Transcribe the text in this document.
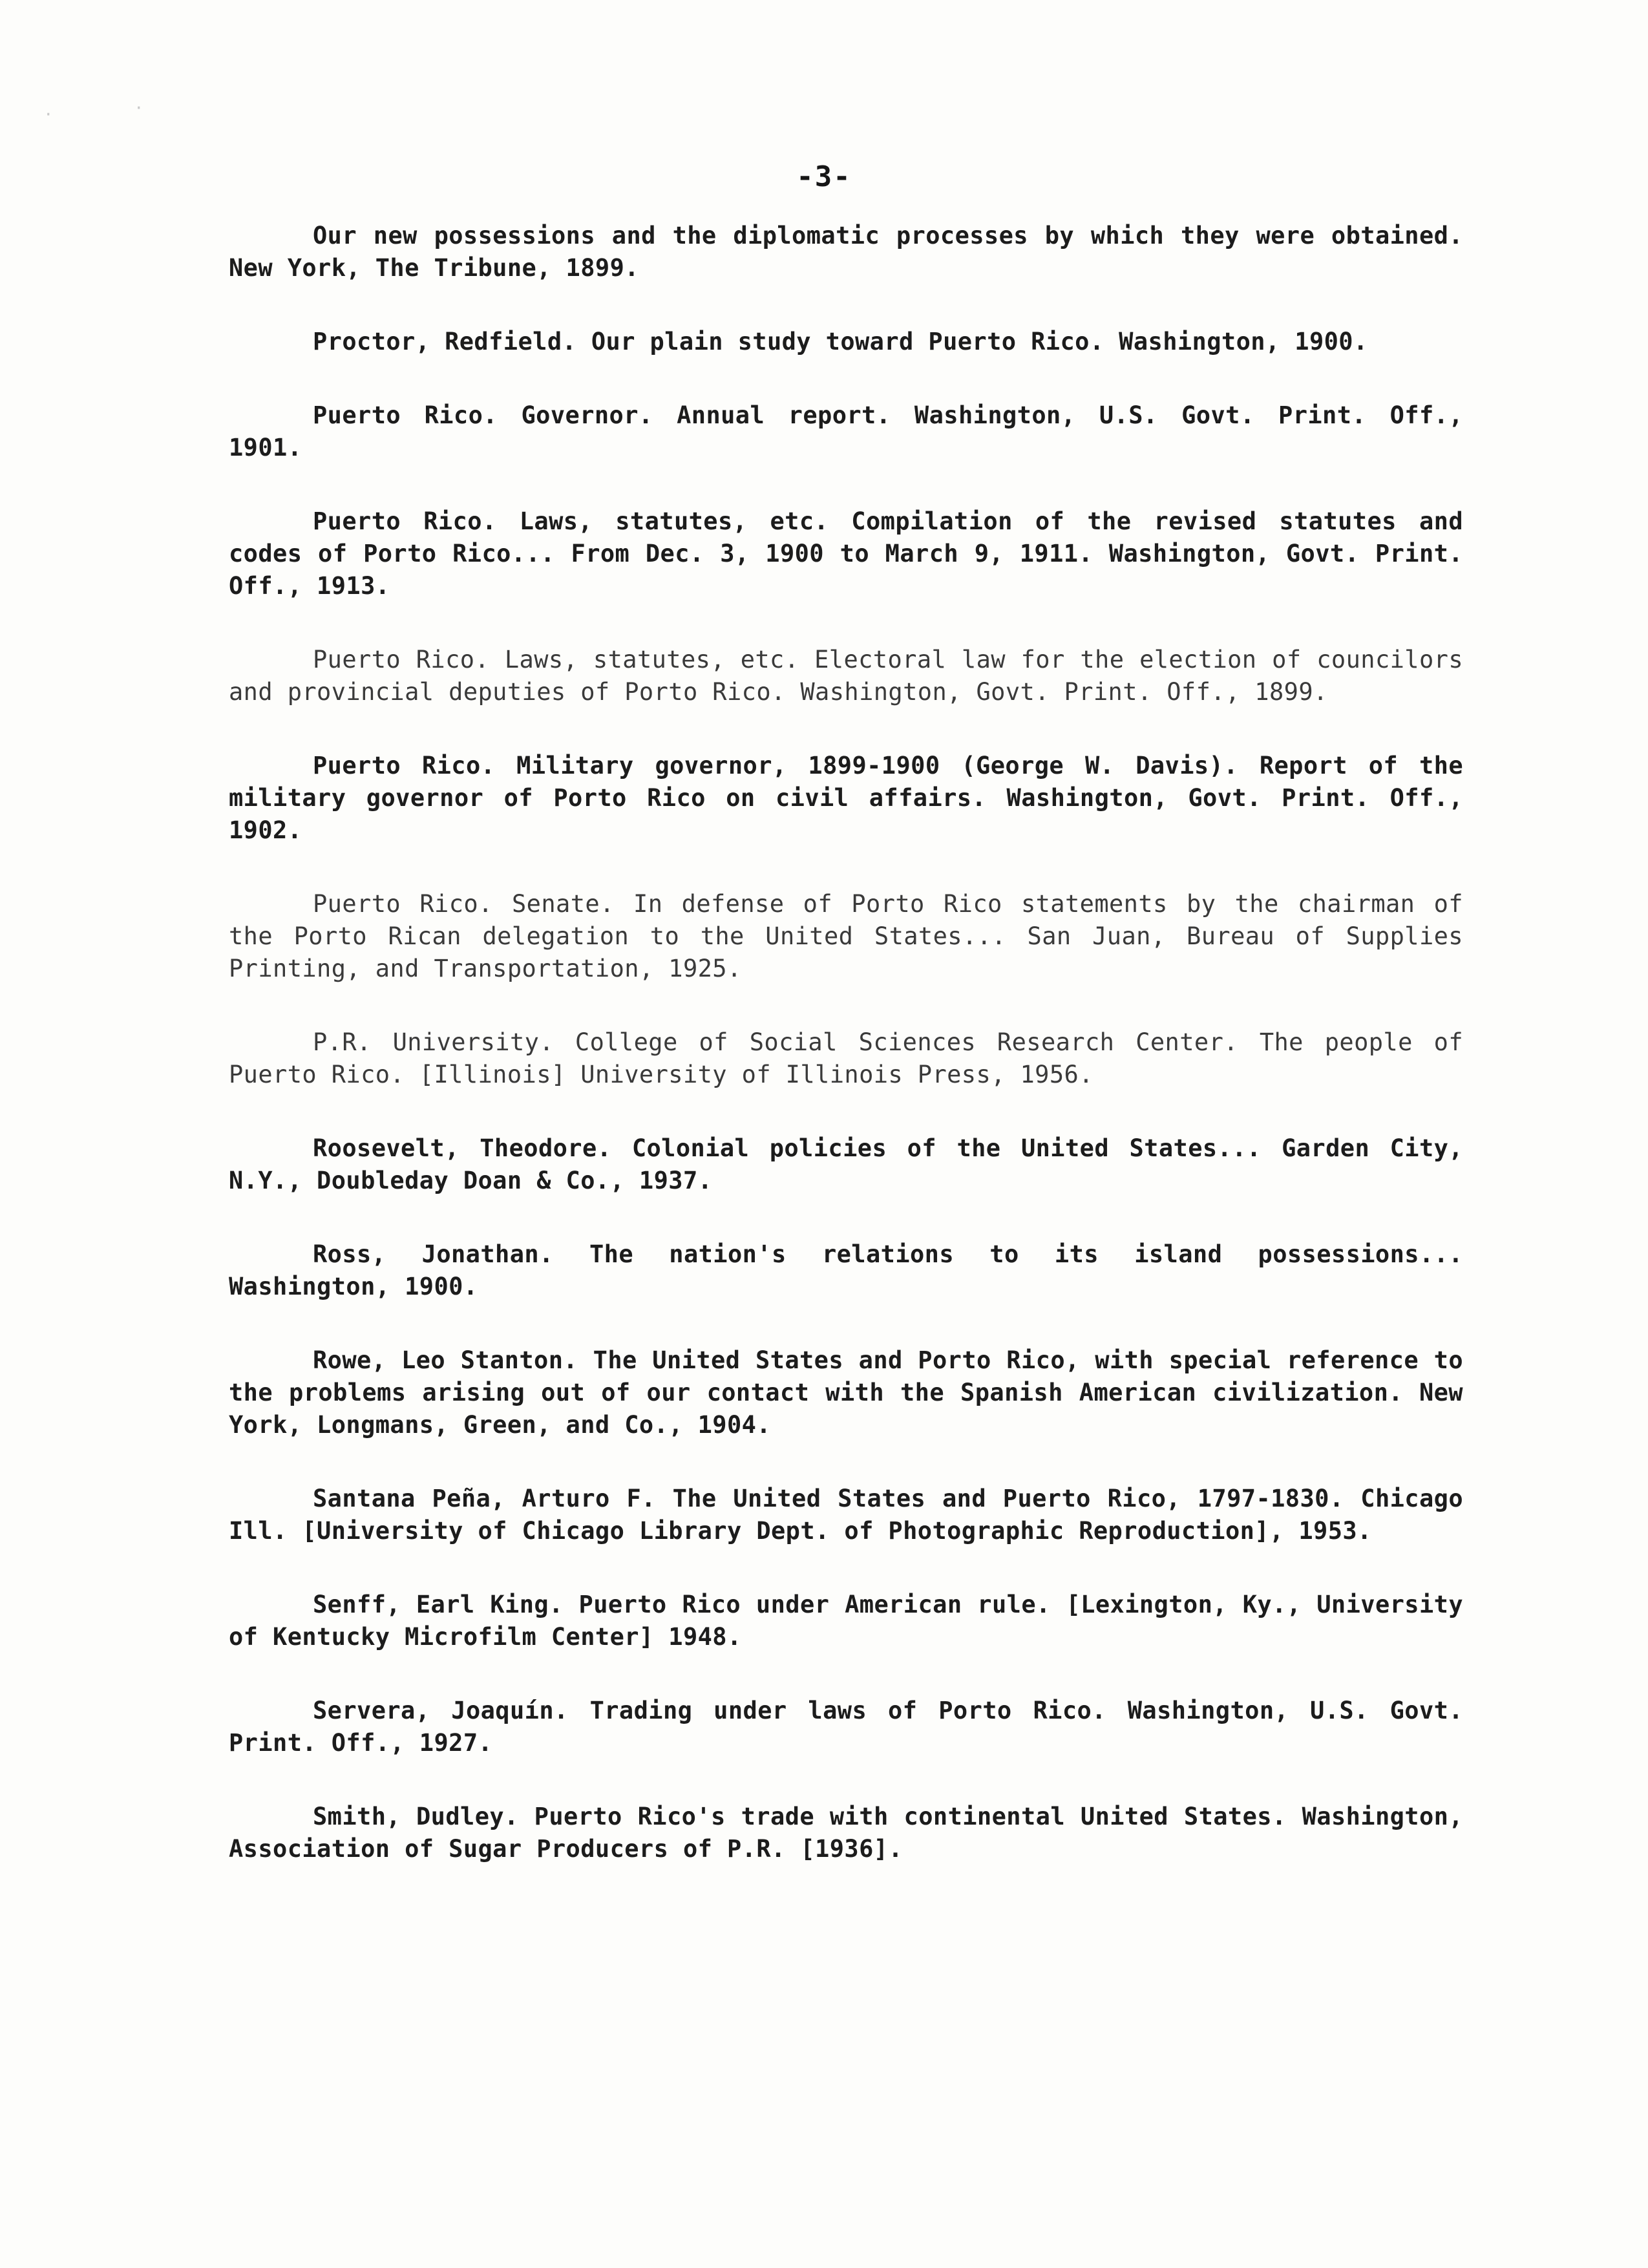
·	·
-3-

Our new possessions and the diplomatic processes by which they were obtained. New York, The Tribune, 1899.

Proctor, Redfield. Our plain study toward Puerto Rico. Washington, 1900.

Puerto Rico. Governor. Annual report. Washington, U.S. Govt. Print. Off., 1901.

Puerto Rico. Laws, statutes, etc. Compilation of the revised statutes and codes of Porto Rico... From Dec. 3, 1900 to March 9, 1911. Washington, Govt. Print. Off., 1913.

Puerto Rico. Laws, statutes, etc. Electoral law for the election of councilors and provincial deputies of Porto Rico. Washington, Govt. Print. Off., 1899.

Puerto Rico. Military governor, 1899-1900 (George W. Davis). Report of the military governor of Porto Rico on civil affairs. Washington, Govt. Print. Off., 1902.

Puerto Rico. Senate. In defense of Porto Rico statements by the chairman of the Porto Rican delegation to the United States... San Juan, Bureau of Supplies Printing, and Transportation, 1925.

P.R. University. College of Social Sciences Research Center. The people of Puerto Rico. [Illinois] University of Illinois Press, 1956.

Roosevelt, Theodore. Colonial policies of the United States... Garden City, N.Y., Doubleday Doan & Co., 1937.

Ross, Jonathan. The nation's relations to its island possessions... Washington, 1900.

Rowe, Leo Stanton. The United States and Porto Rico, with special reference to the problems arising out of our contact with the Spanish American civilization. New York, Longmans, Green, and Co., 1904.

Santana Peña, Arturo F. The United States and Puerto Rico, 1797-1830. Chicago Ill. [University of Chicago Library Dept. of Photographic Reproduction], 1953.

Senff, Earl King. Puerto Rico under American rule. [Lexington, Ky., University of Kentucky Microfilm Center] 1948.

Servera, Joaquín. Trading under laws of Porto Rico. Washington, U.S. Govt. Print. Off., 1927.

Smith, Dudley. Puerto Rico's trade with continental United States. Washington, Association of Sugar Producers of P.R. [1936].
